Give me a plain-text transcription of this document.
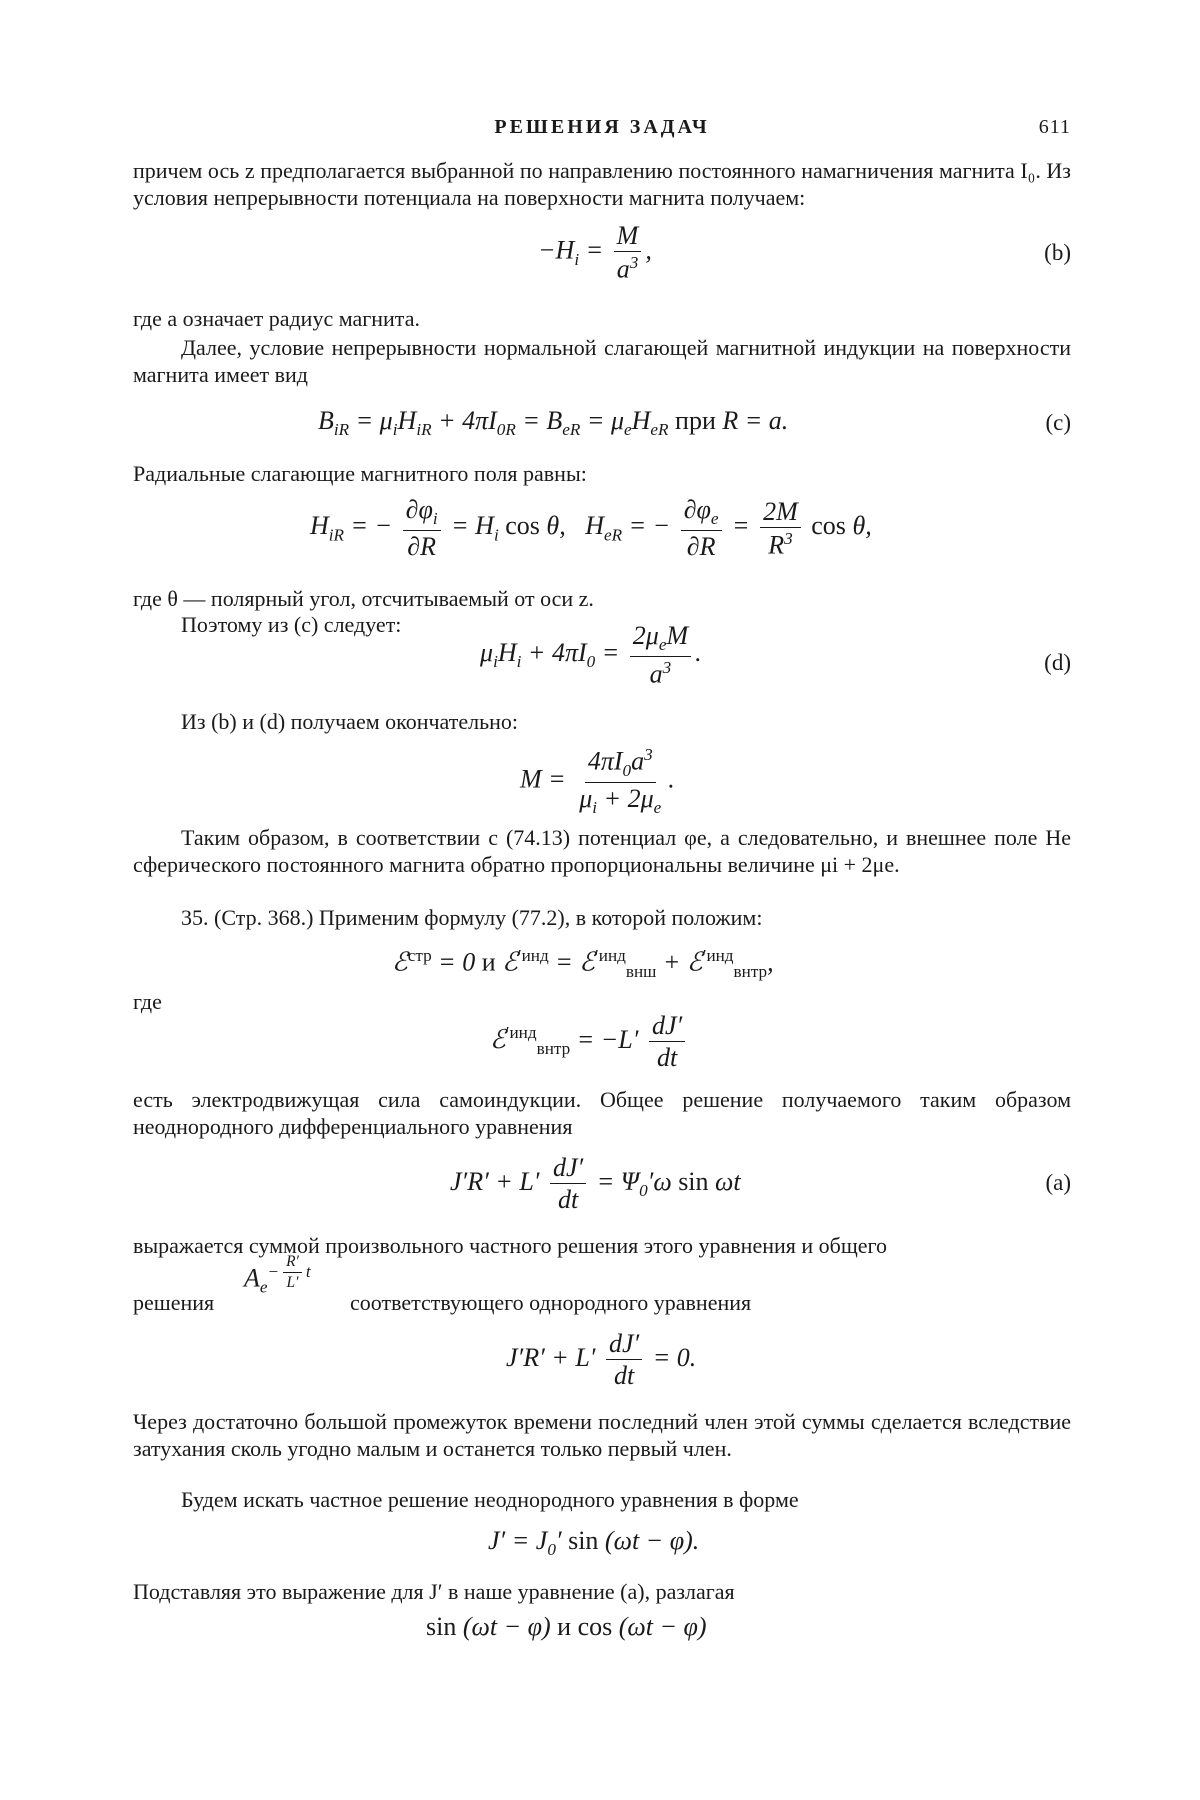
РЕШЕНИЯ ЗАДАЧ	611
причем ось z предполагается выбранной по направлению постоянного намагничения магнита I₀. Из условия непрерывности потенциала на поверхности магнита получаем:
$-H_i = \frac{M}{a^3}$ ,	(b)
где a означает радиус магнита.
Далее, условие непрерывности нормальной слагающей магнитной индукции на поверхности магнита имеет вид
$B_{iR} = \mu_iH_{iR} + 4\pi I_{0R} = B_{eR} = \mu_eH_{eR}$ при R = a.	(c)
Радиальные слагающие магнитного поля равны:
$H_{iR}$ = − $\frac{\partial\varphi_i}{\partial R} = H_i$ cos θ,   $H_{eR}$ = − $\frac{\partial\varphi_e}{\partial R} = \frac{2M}{R^3}$ cos θ,
где θ — полярный угол, отсчитываемый от оси z.
Поэтому из (c) следует:
$\mu_iH_i + 4\pi I_0 = \frac{2\mu_eM}{a^3}$ .	(d)
Из (b) и (d) получаем окончательно:
$M = \frac{4\pi I_0a^3}{\mu_i + 2\mu_e}$ .
Таким образом, в соответствии с (74.13) потенциал φe, а следовательно, и внешнее поле He сферического постоянного магнита обратно пропорциональны величине μi + 2μe.
35. (Стр. 368.) Применим формулу (77.2), в которой положим:
ℰ$^{стр}$ = 0 и ℰ$^{'инд}$ = ℰ$^{'инд}_{внш}$ + ℰ$^{'инд}_{внтр}$,
где
ℰ$^{'инд}_{внтр}$ = $-L' \frac{dJ'}{dt}$
есть электродвижущая сила самоиндукции. Общее решение получаемого таким образом неоднородного дифференциального уравнения
$J'R' + L' \frac{dJ'}{dt} = \Psi_0'\omega$ sin ωt	(a)
выражается суммой произвольного частного решения этого уравнения и общего
решения
$A_e^{- \frac{R'}{L'} t}$
соответствующего однородного уравнения
$J'R' + L' \frac{dJ'}{dt} = 0$.
Через достаточно большой промежуток времени последний член этой суммы сделается вследствие затухания сколь угодно малым и останется только первый член.
Будем искать частное решение неоднородного уравнения в форме
$J' = J_0'$ sin (ωt − φ).
Подставляя это выражение для J′ в наше уравнение (a), разлагая
sin (ωt − φ) и cos (ωt − φ)
